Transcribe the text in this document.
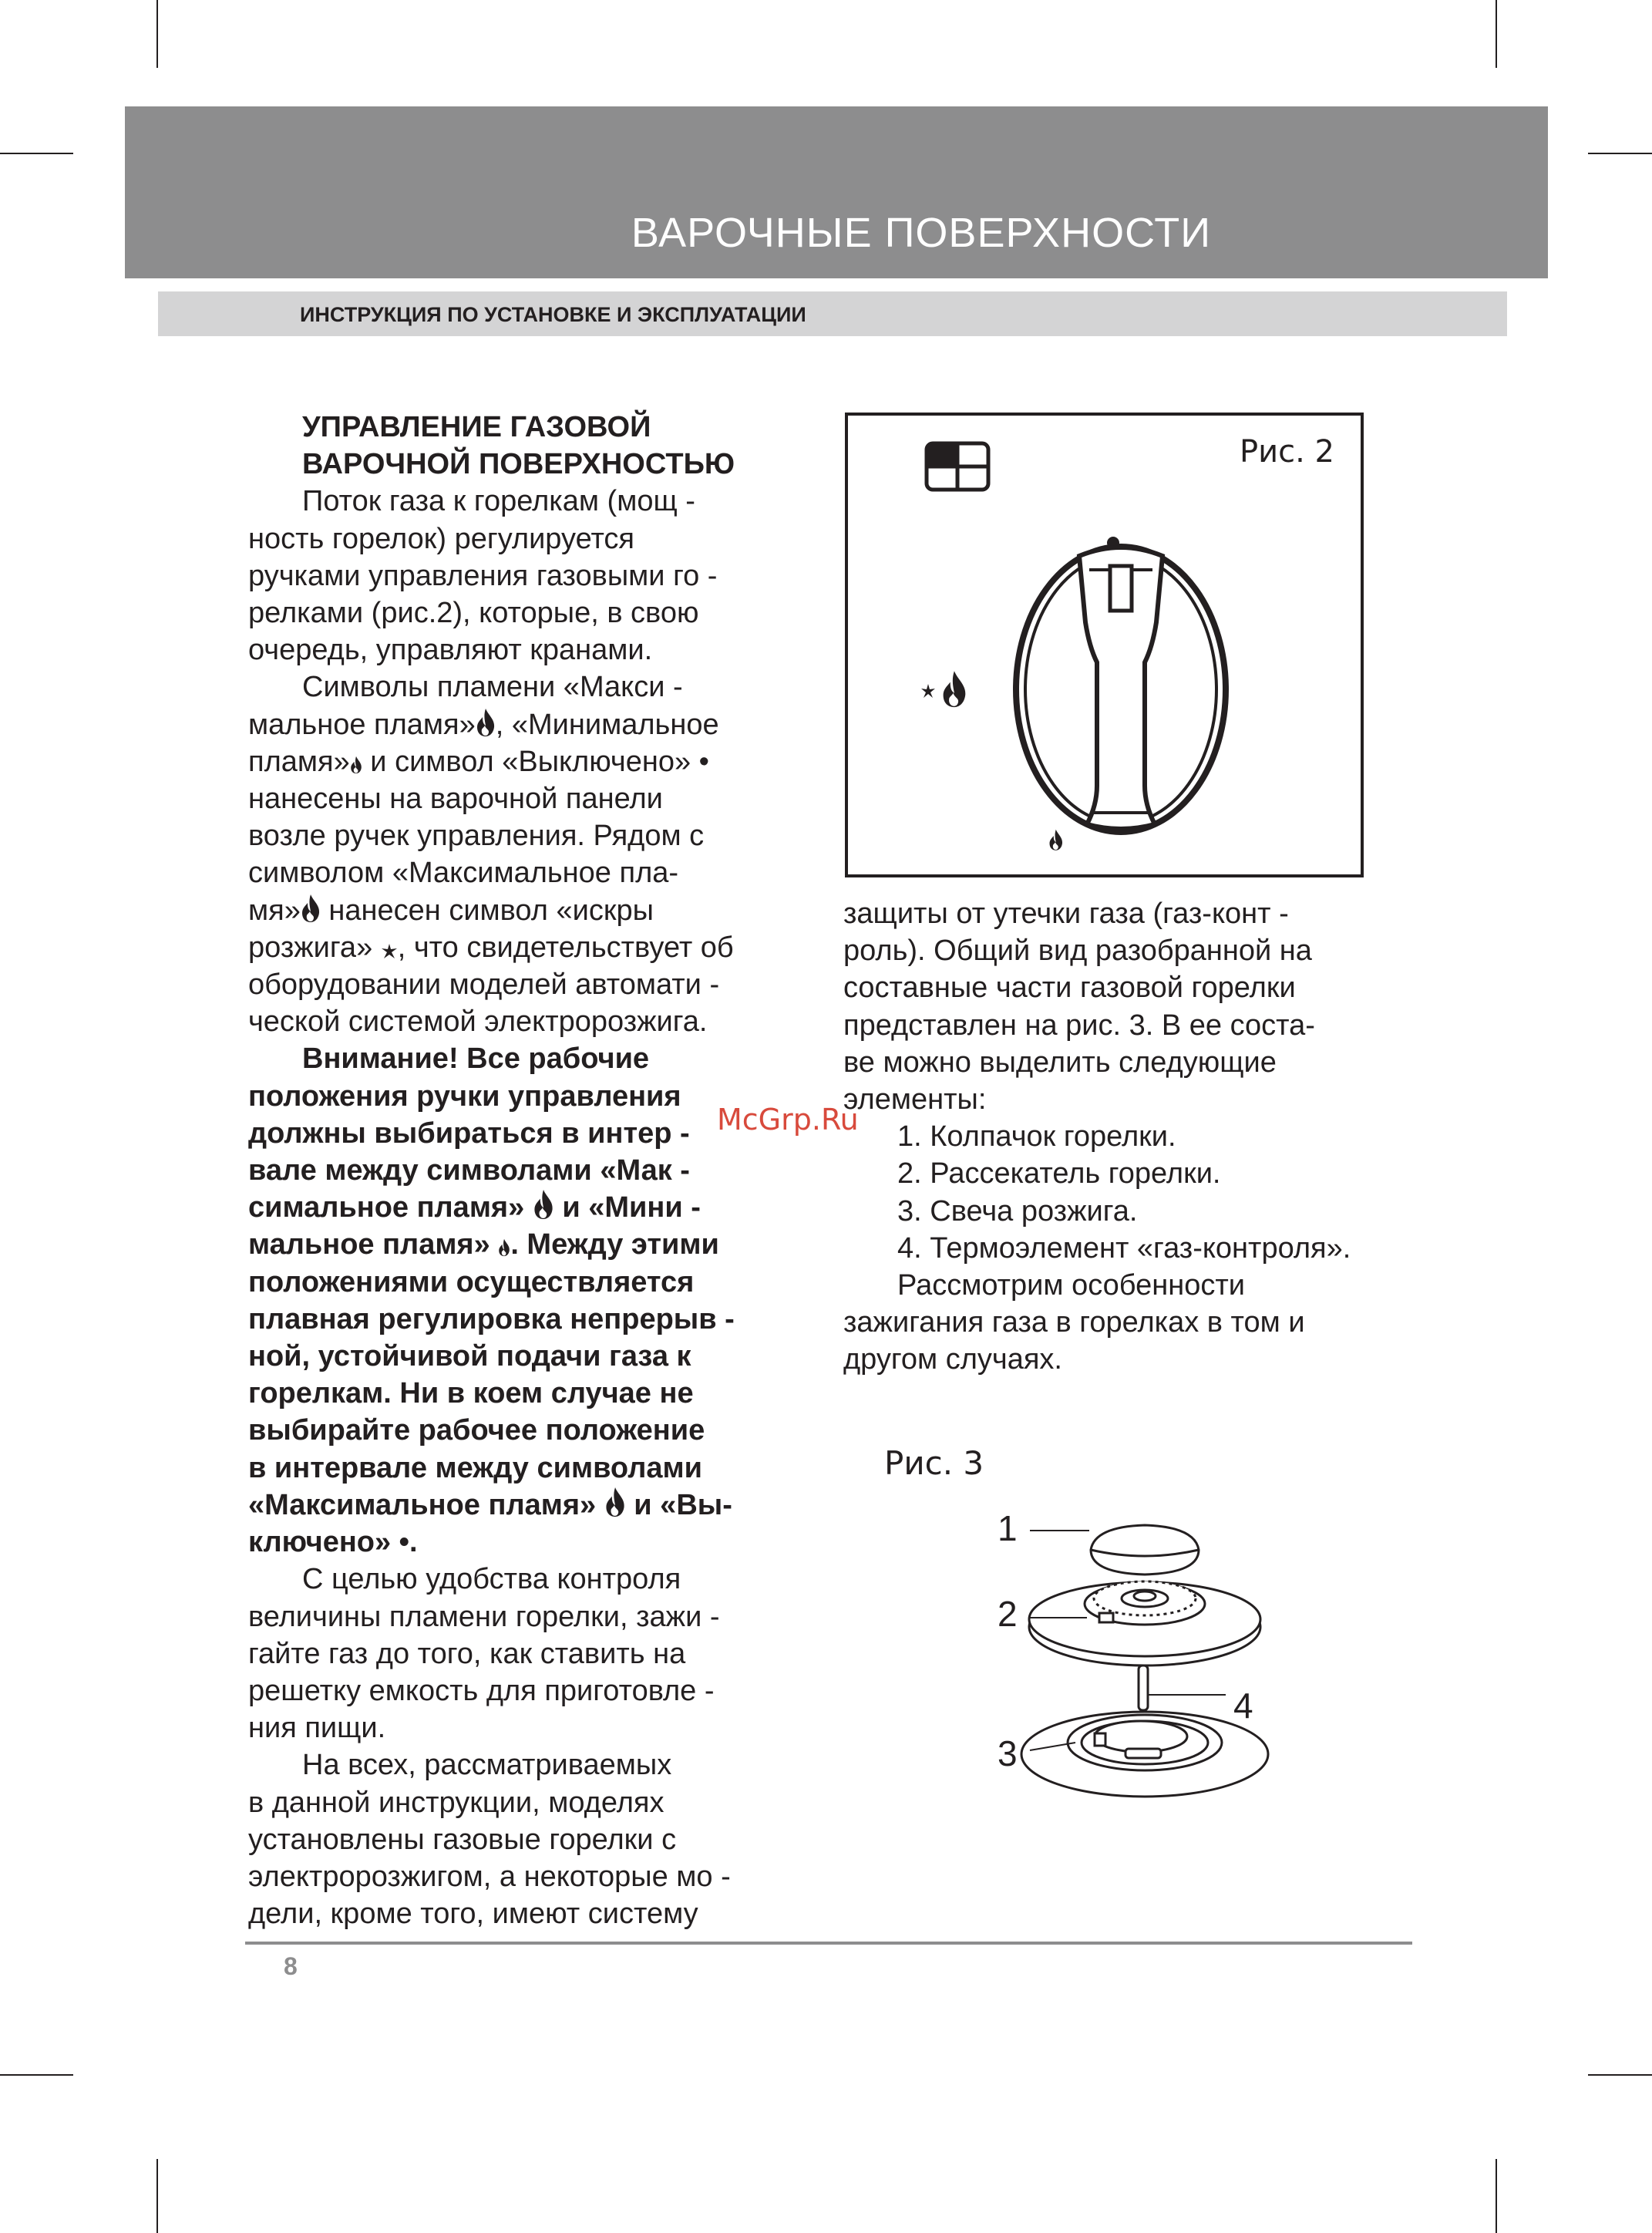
ВАРОЧНЫЕ ПОВЕРХНОСТИ
ИНСТРУКЦИЯ ПО УСТАНОВКЕ И ЭКСПЛУАТАЦИИ

УПРАВЛЕНИЕ ГАЗОВОЙ
ВАРОЧНОЙ ПОВЕРХНОСТЬЮ

Поток газа к горелкам (мощ -
ность горелок) регулируется
ручками управления газовыми го -
релками (рис.2), которые, в свою
очередь, управляют кранами.

Символы пламени «Макси -
мальное пламя» , «Минимальное
пламя» и символ «Выключено» •
нанесены на варочной панели
возле ручек управления. Рядом с
символом «Максимальное пла-
мя» нанесен символ «искры
розжига» , что свидетельствует об
оборудовании моделей автомати -
ческой системой электророзжига.

Внимание! Все рабочие
положения ручки управления
должны выбираться в интер -
вале между символами «Мак -
симальное пламя»  и «Мини -
мальное пламя» . Между этими
положениями осуществляется
плавная регулировка непрерыв -
ной, устойчивой подачи газа к
горелкам. Ни в коем случае не
выбирайте рабочее положение
в интервале между символами
«Максимальное пламя»  и «Вы-
ключено» •.

С целью удобства контроля
величины пламени горелки, зажи -
гайте газ до того, как ставить на
решетку емкость для приготовле -
ния пищи.

На всех, рассматриваемых
в данной инструкции, моделях
установлены газовые горелки с
электророзжигом, а некоторые мо -
дели, кроме того, имеют систему

Рис. 2

защиты от утечки газа (газ-конт -
роль). Общий вид разобранной на
составные части газовой горелки
представлен на рис. 3. В ее соста-
ве можно выделить следующие
элементы:

1. Колпачок горелки.
2. Рассекатель горелки.
3. Свеча розжига.
4. Термоэлемент «газ-контроля».

Рассмотрим особенности
зажигания газа в горелках в том и
другом случаях.

McGrp.Ru
Рис. 3
1
2
3
4
8
